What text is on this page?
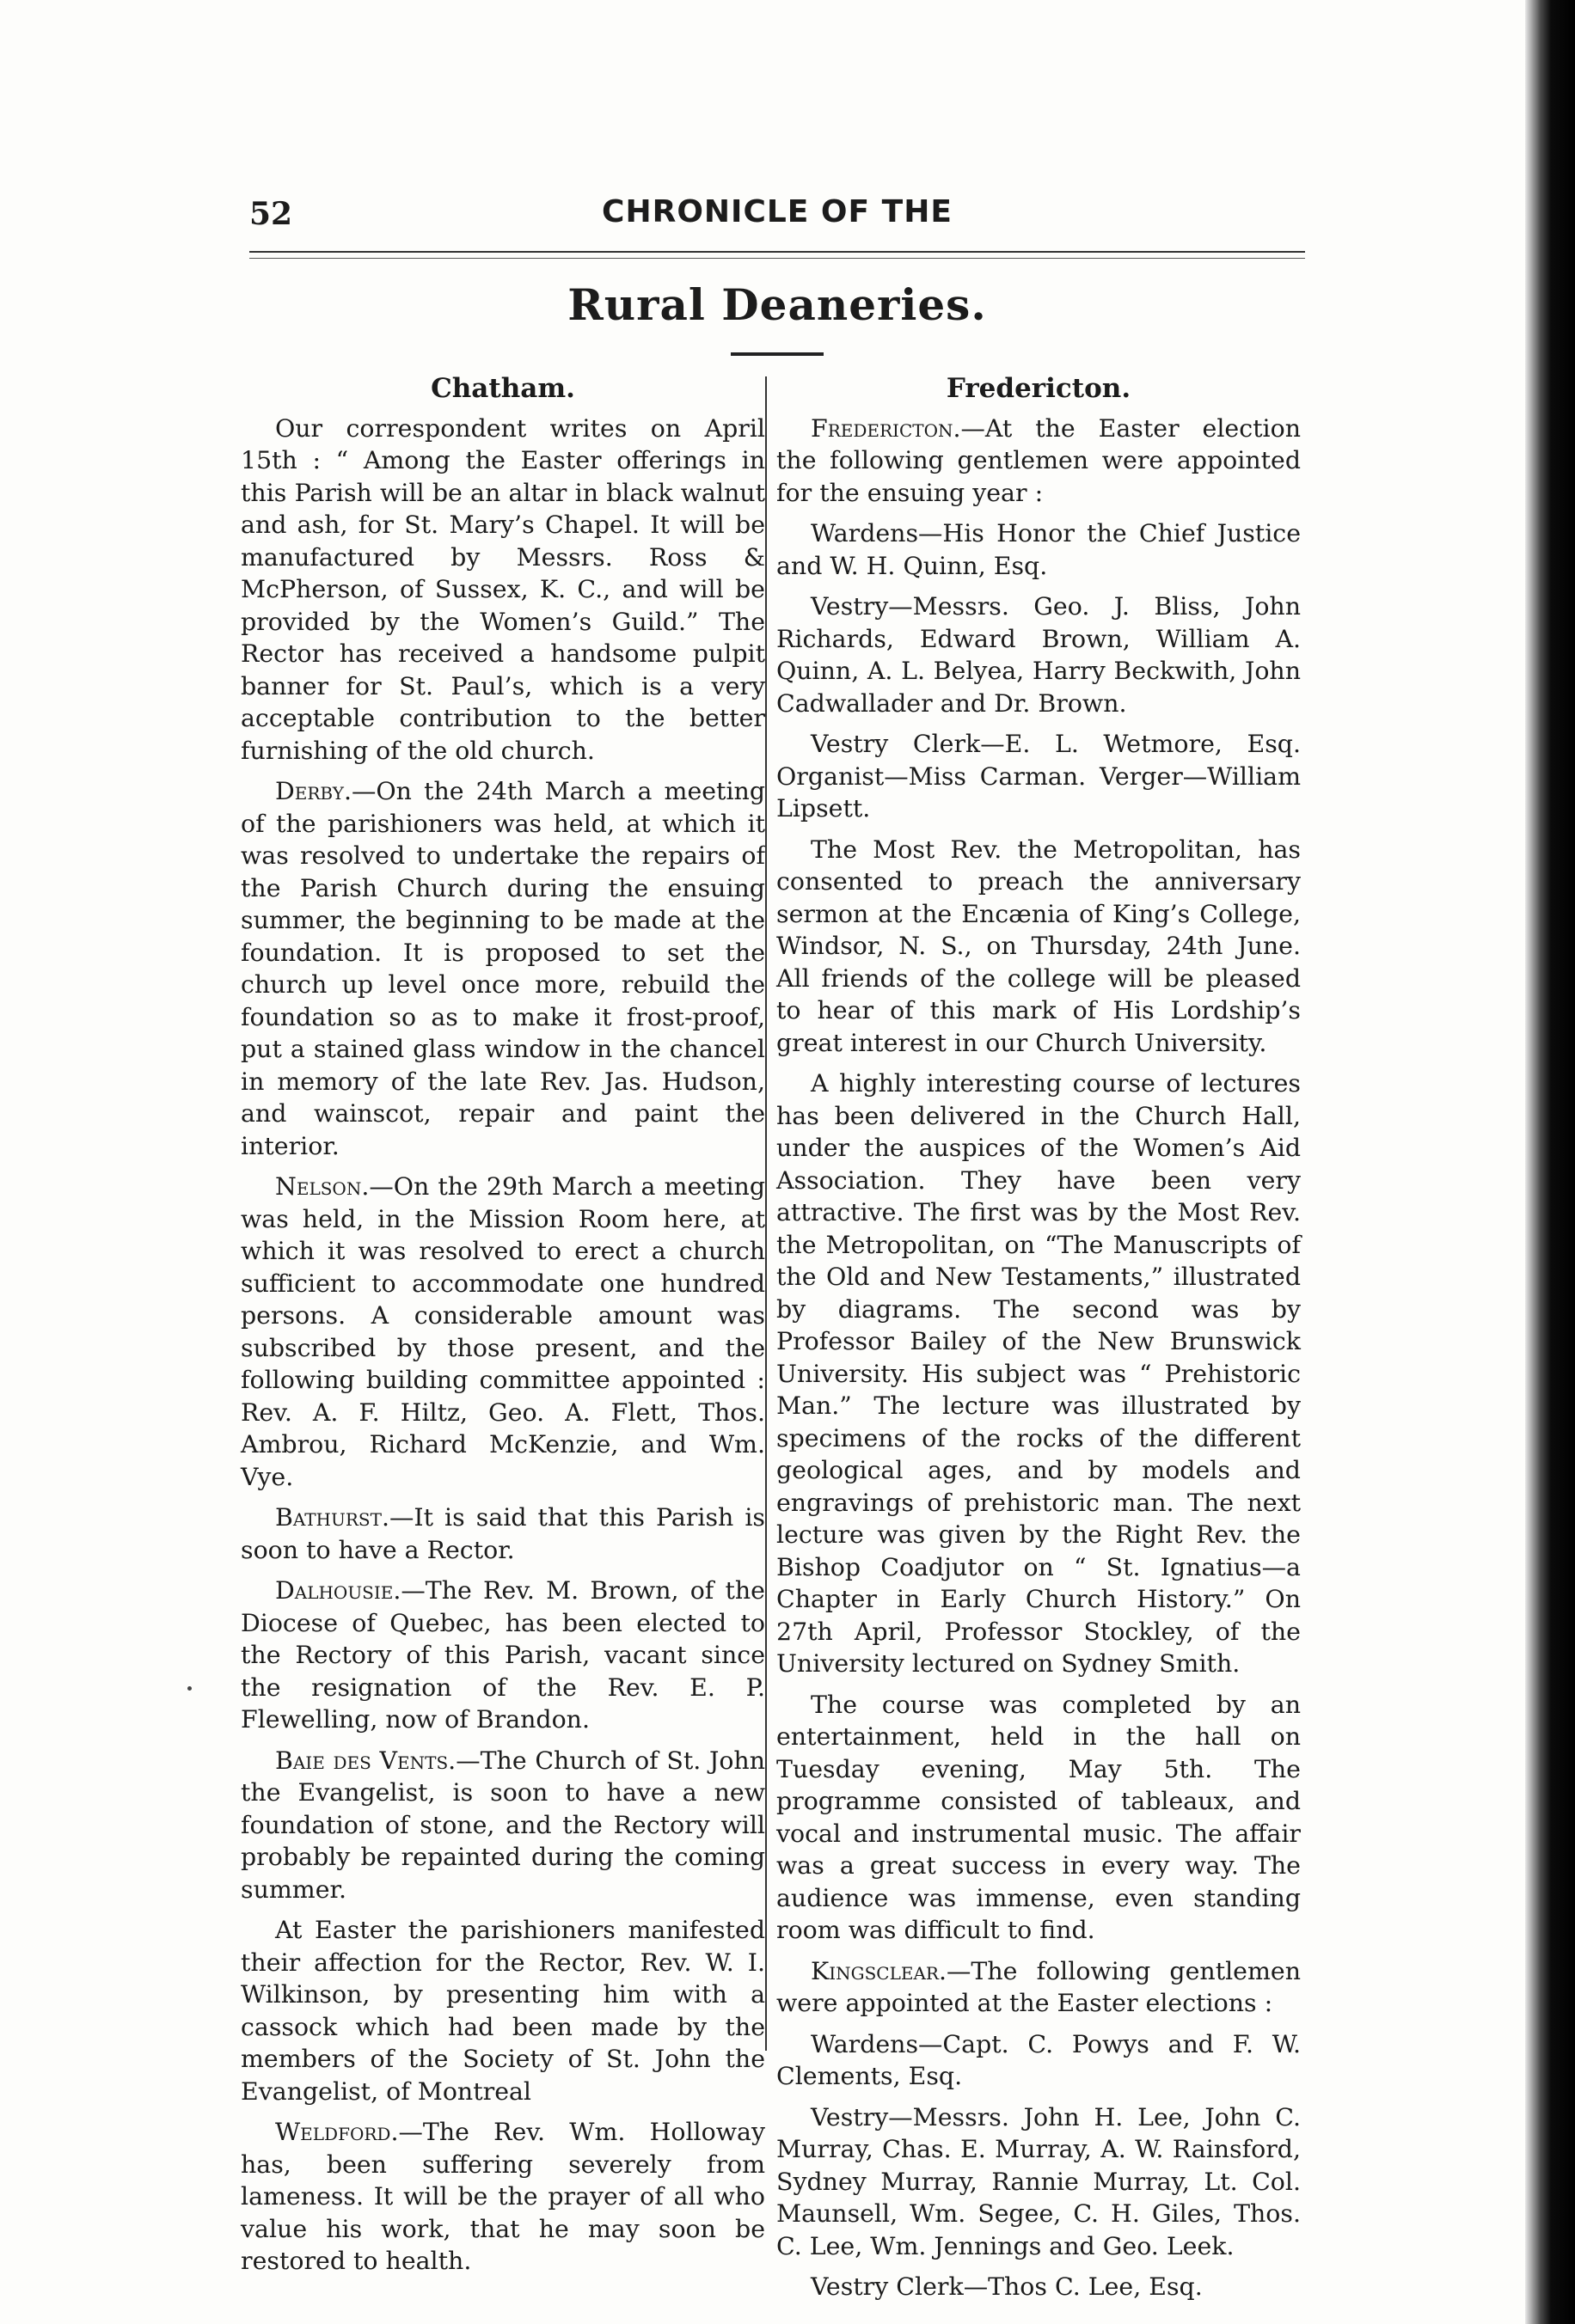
52	CHRONICLE OF THE
Rural Deaneries.
Chatham.

Our correspondent writes on April 15th : “ Among the Easter offerings in this Parish will be an altar in black walnut and ash, for St. Mary’s Chapel. It will be manufactured by Messrs. Ross & McPherson, of Sussex, K. C., and will be provided by the Women’s Guild.” The Rector has received a handsome pulpit banner for St. Paul’s, which is a very acceptable contribution to the better furnishing of the old church.

Derby.—On the 24th March a meeting of the parishioners was held, at which it was resolved to undertake the repairs of the Parish Church during the ensuing summer, the beginning to be made at the foundation. It is proposed to set the church up level once more, rebuild the foundation so as to make it frost-proof, put a stained glass window in the chancel in memory of the late Rev. Jas. Hudson, and wainscot, repair and paint the interior.

Nelson.—On the 29th March a meeting was held, in the Mission Room here, at which it was resolved to erect a church sufficient to accommodate one hundred persons. A considerable amount was subscribed by those present, and the following building committee appointed : Rev. A. F. Hiltz, Geo. A. Flett, Thos. Ambrou, Richard McKenzie, and Wm. Vye.

Bathurst.—It is said that this Parish is soon to have a Rector.

Dalhousie.—The Rev. M. Brown, of the Diocese of Quebec, has been elected to the Rectory of this Parish, vacant since the resignation of the Rev. E. P. Flewelling, now of Brandon.

Baie des Vents.—The Church of St. John the Evangelist, is soon to have a new foundation of stone, and the Rectory will probably be repainted during the coming summer.

At Easter the parishioners manifested their affection for the Rector, Rev. W. I. Wilkinson, by presenting him with a cassock which had been made by the members of the Society of St. John the Evangelist, of Montreal

Weldford.—The Rev. Wm. Holloway has, been suffering severely from lameness. It will be the prayer of all who value his work, that he may soon be restored to health.

Fredericton.

Fredericton.—At the Easter election the following gentlemen were appointed for the ensuing year :

Wardens—His Honor the Chief Justice and W. H. Quinn, Esq.

Vestry—Messrs. Geo. J. Bliss, John Richards, Edward Brown, William A. Quinn, A. L. Belyea, Harry Beckwith, John Cadwallader and Dr. Brown.

Vestry Clerk—E. L. Wetmore, Esq. Organist—Miss Carman. Verger—William Lipsett.

The Most Rev. the Metropolitan, has consented to preach the anniversary sermon at the Encænia of King’s College, Windsor, N. S., on Thursday, 24th June. All friends of the college will be pleased to hear of this mark of His Lordship’s great interest in our Church University.

A highly interesting course of lectures has been delivered in the Church Hall, under the auspices of the Women’s Aid Association. They have been very attractive. The first was by the Most Rev. the Metropolitan, on “The Manuscripts of the Old and New Testaments,” illustrated by diagrams. The second was by Professor Bailey of the New Brunswick University. His subject was “ Prehistoric Man.” The lecture was illustrated by specimens of the rocks of the different geological ages, and by models and engravings of prehistoric man. The next lecture was given by the Right Rev. the Bishop Coadjutor on “ St. Ignatius—a Chapter in Early Church History.” On 27th April, Professor Stockley, of the University lectured on Sydney Smith.

The course was completed by an entertainment, held in the hall on Tuesday evening, May 5th. The programme consisted of tableaux, and vocal and instrumental music. The affair was a great success in every way. The audience was immense, even standing room was difficult to find.

Kingsclear.—The following gentlemen were appointed at the Easter elections :

Wardens—Capt. C. Powys and F. W. Clements, Esq.

Vestry—Messrs. John H. Lee, John C. Murray, Chas. E. Murray, A. W. Rainsford, Sydney Murray, Rannie Murray, Lt. Col. Maunsell, Wm. Segee, C. H. Giles, Thos. C. Lee, Wm. Jennings and Geo. Leek.

Vestry Clerk—Thos C. Lee, Esq.
